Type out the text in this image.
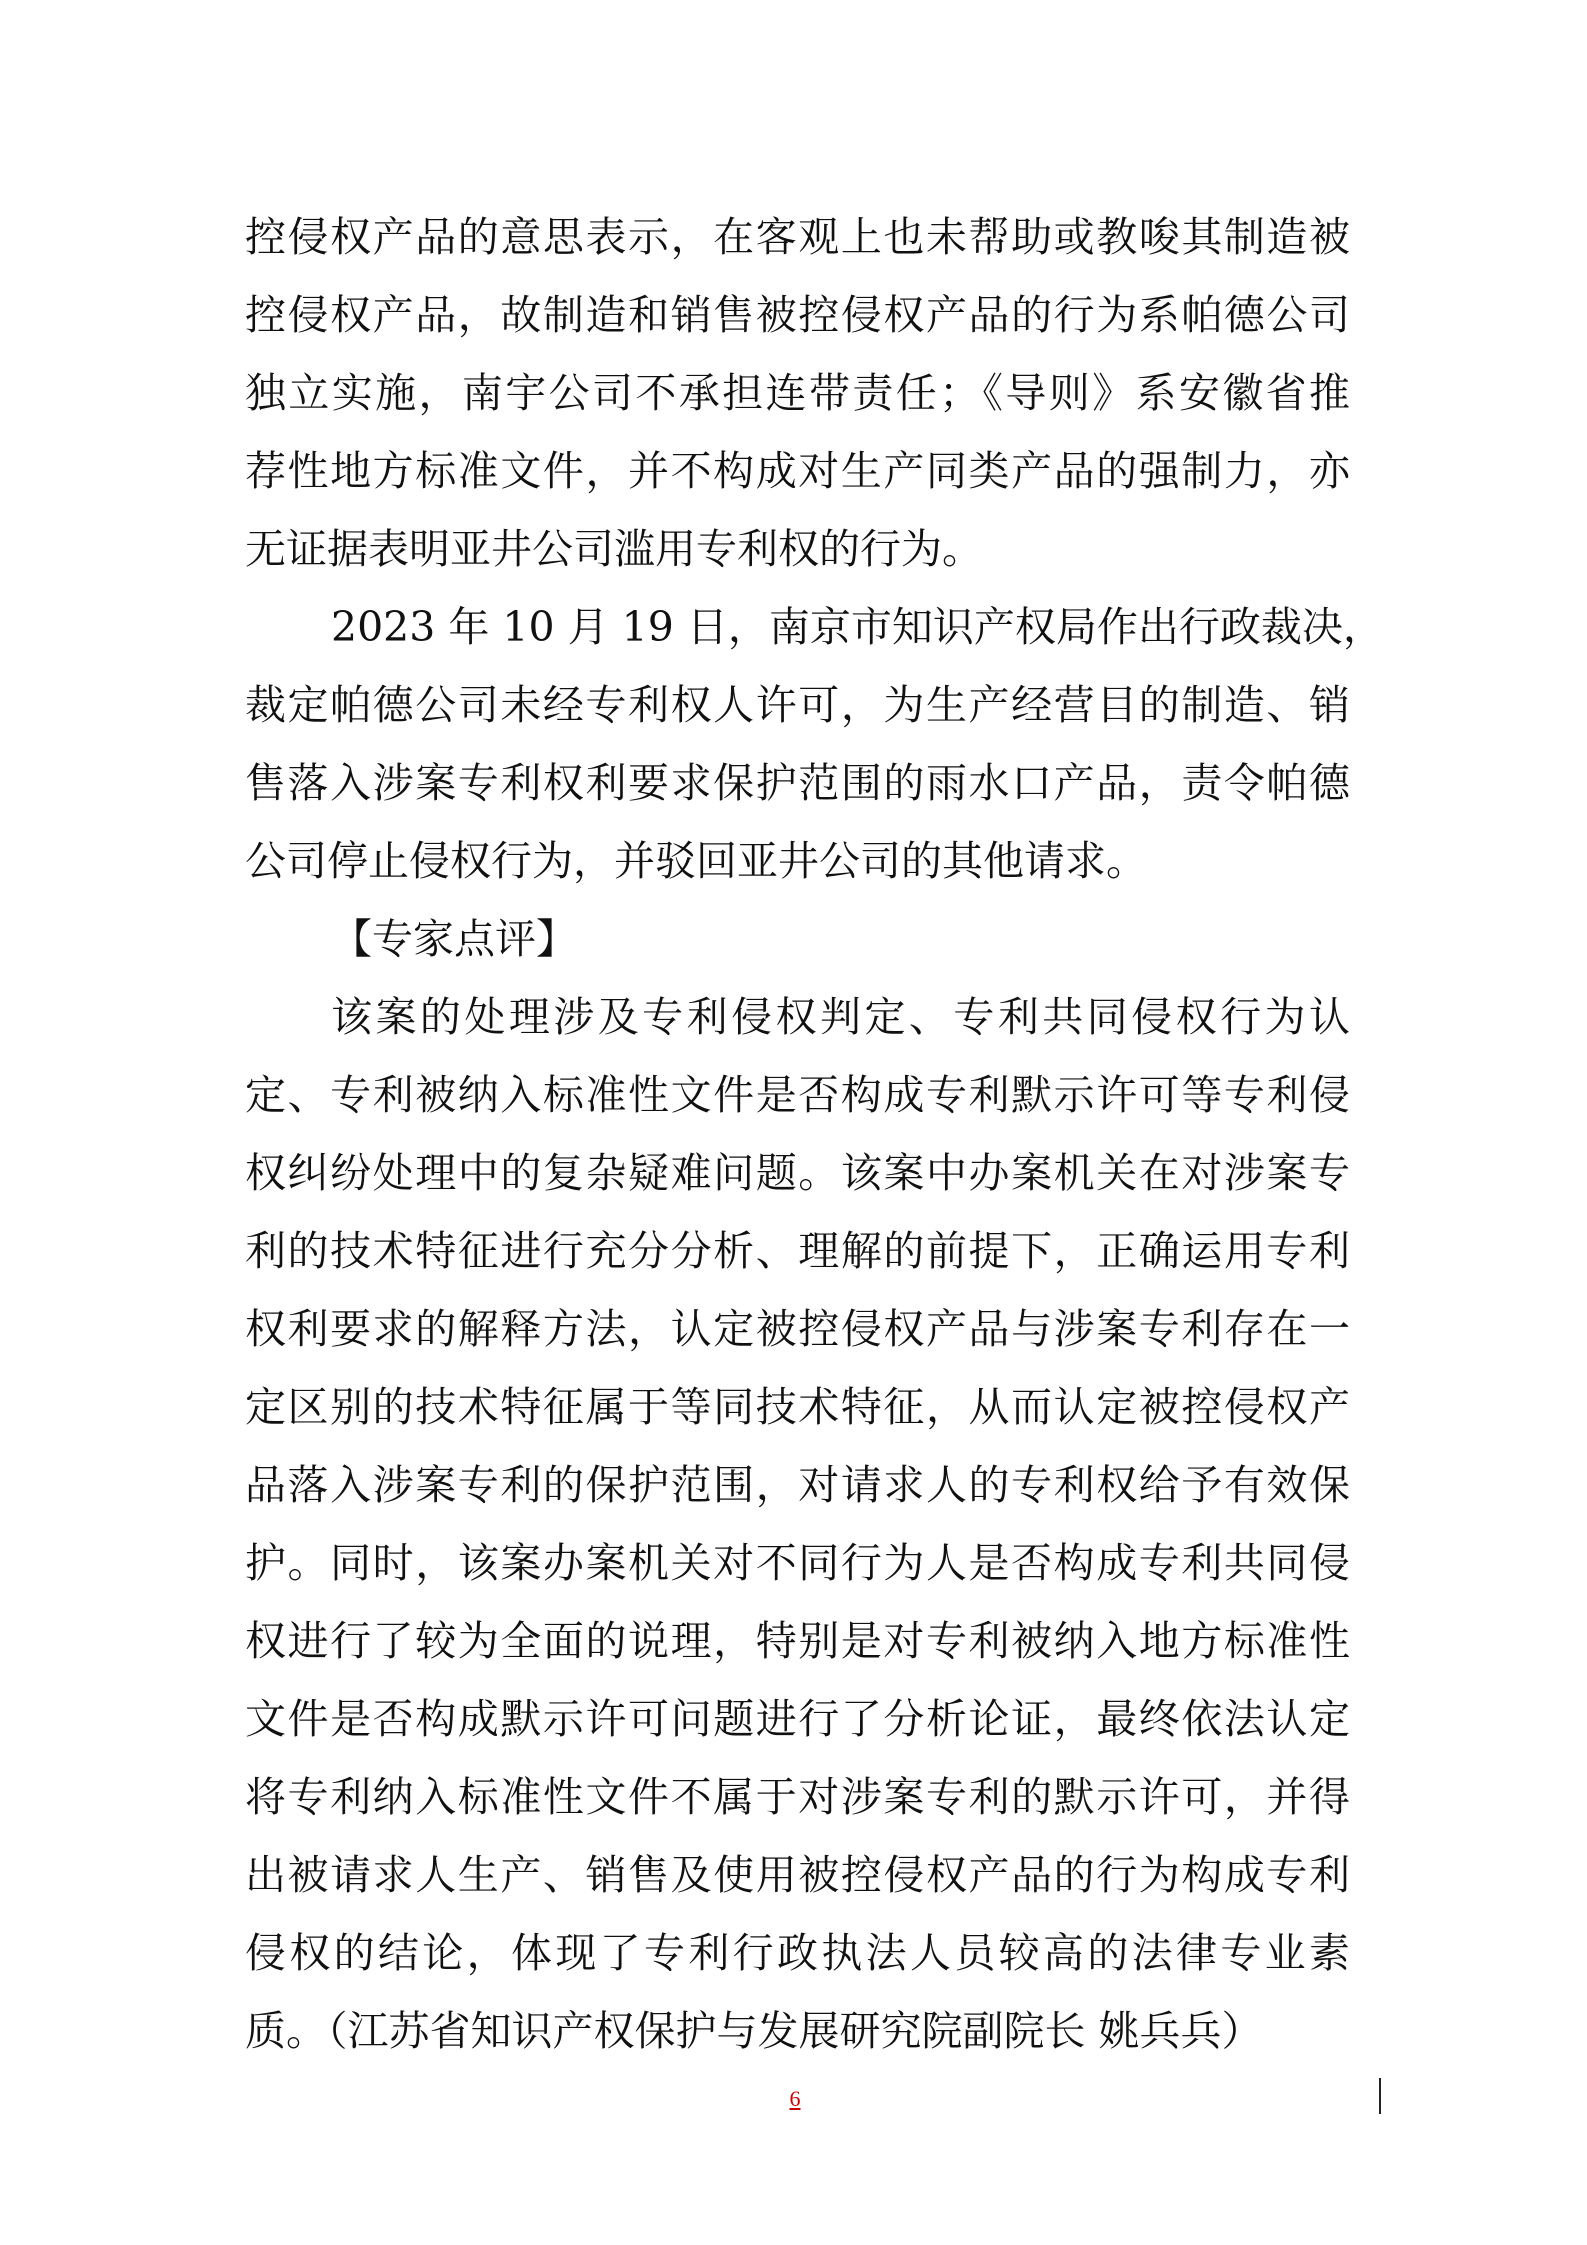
控侵权产品的意思表示，在客观上也未帮助或教唆其制造被
控侵权产品，故制造和销售被控侵权产品的行为系帕德公司
独立实施，南宇公司不承担连带责任；《导则》系安徽省推
荐性地方标准文件，并不构成对生产同类产品的强制力，亦
无证据表明亚井公司滥用专利权的行为。
2023 年 10 月 19 日，南京市知识产权局作出行政裁决，
裁定帕德公司未经专利权人许可，为生产经营目的制造、销
售落入涉案专利权利要求保护范围的雨水口产品，责令帕德
公司停止侵权行为，并驳回亚井公司的其他请求。
【专家点评】
该案的处理涉及专利侵权判定、专利共同侵权行为认
定、专利被纳入标准性文件是否构成专利默示许可等专利侵
权纠纷处理中的复杂疑难问题。该案中办案机关在对涉案专
利的技术特征进行充分分析、理解的前提下，正确运用专利
权利要求的解释方法，认定被控侵权产品与涉案专利存在一
定区别的技术特征属于等同技术特征，从而认定被控侵权产
品落入涉案专利的保护范围，对请求人的专利权给予有效保
护。同时，该案办案机关对不同行为人是否构成专利共同侵
权进行了较为全面的说理，特别是对专利被纳入地方标准性
文件是否构成默示许可问题进行了分析论证，最终依法认定
将专利纳入标准性文件不属于对涉案专利的默示许可，并得
出被请求人生产、销售及使用被控侵权产品的行为构成专利
侵权的结论，体现了专利行政执法人员较高的法律专业素
质。（江苏省知识产权保护与发展研究院副院长 姚兵兵）
6
